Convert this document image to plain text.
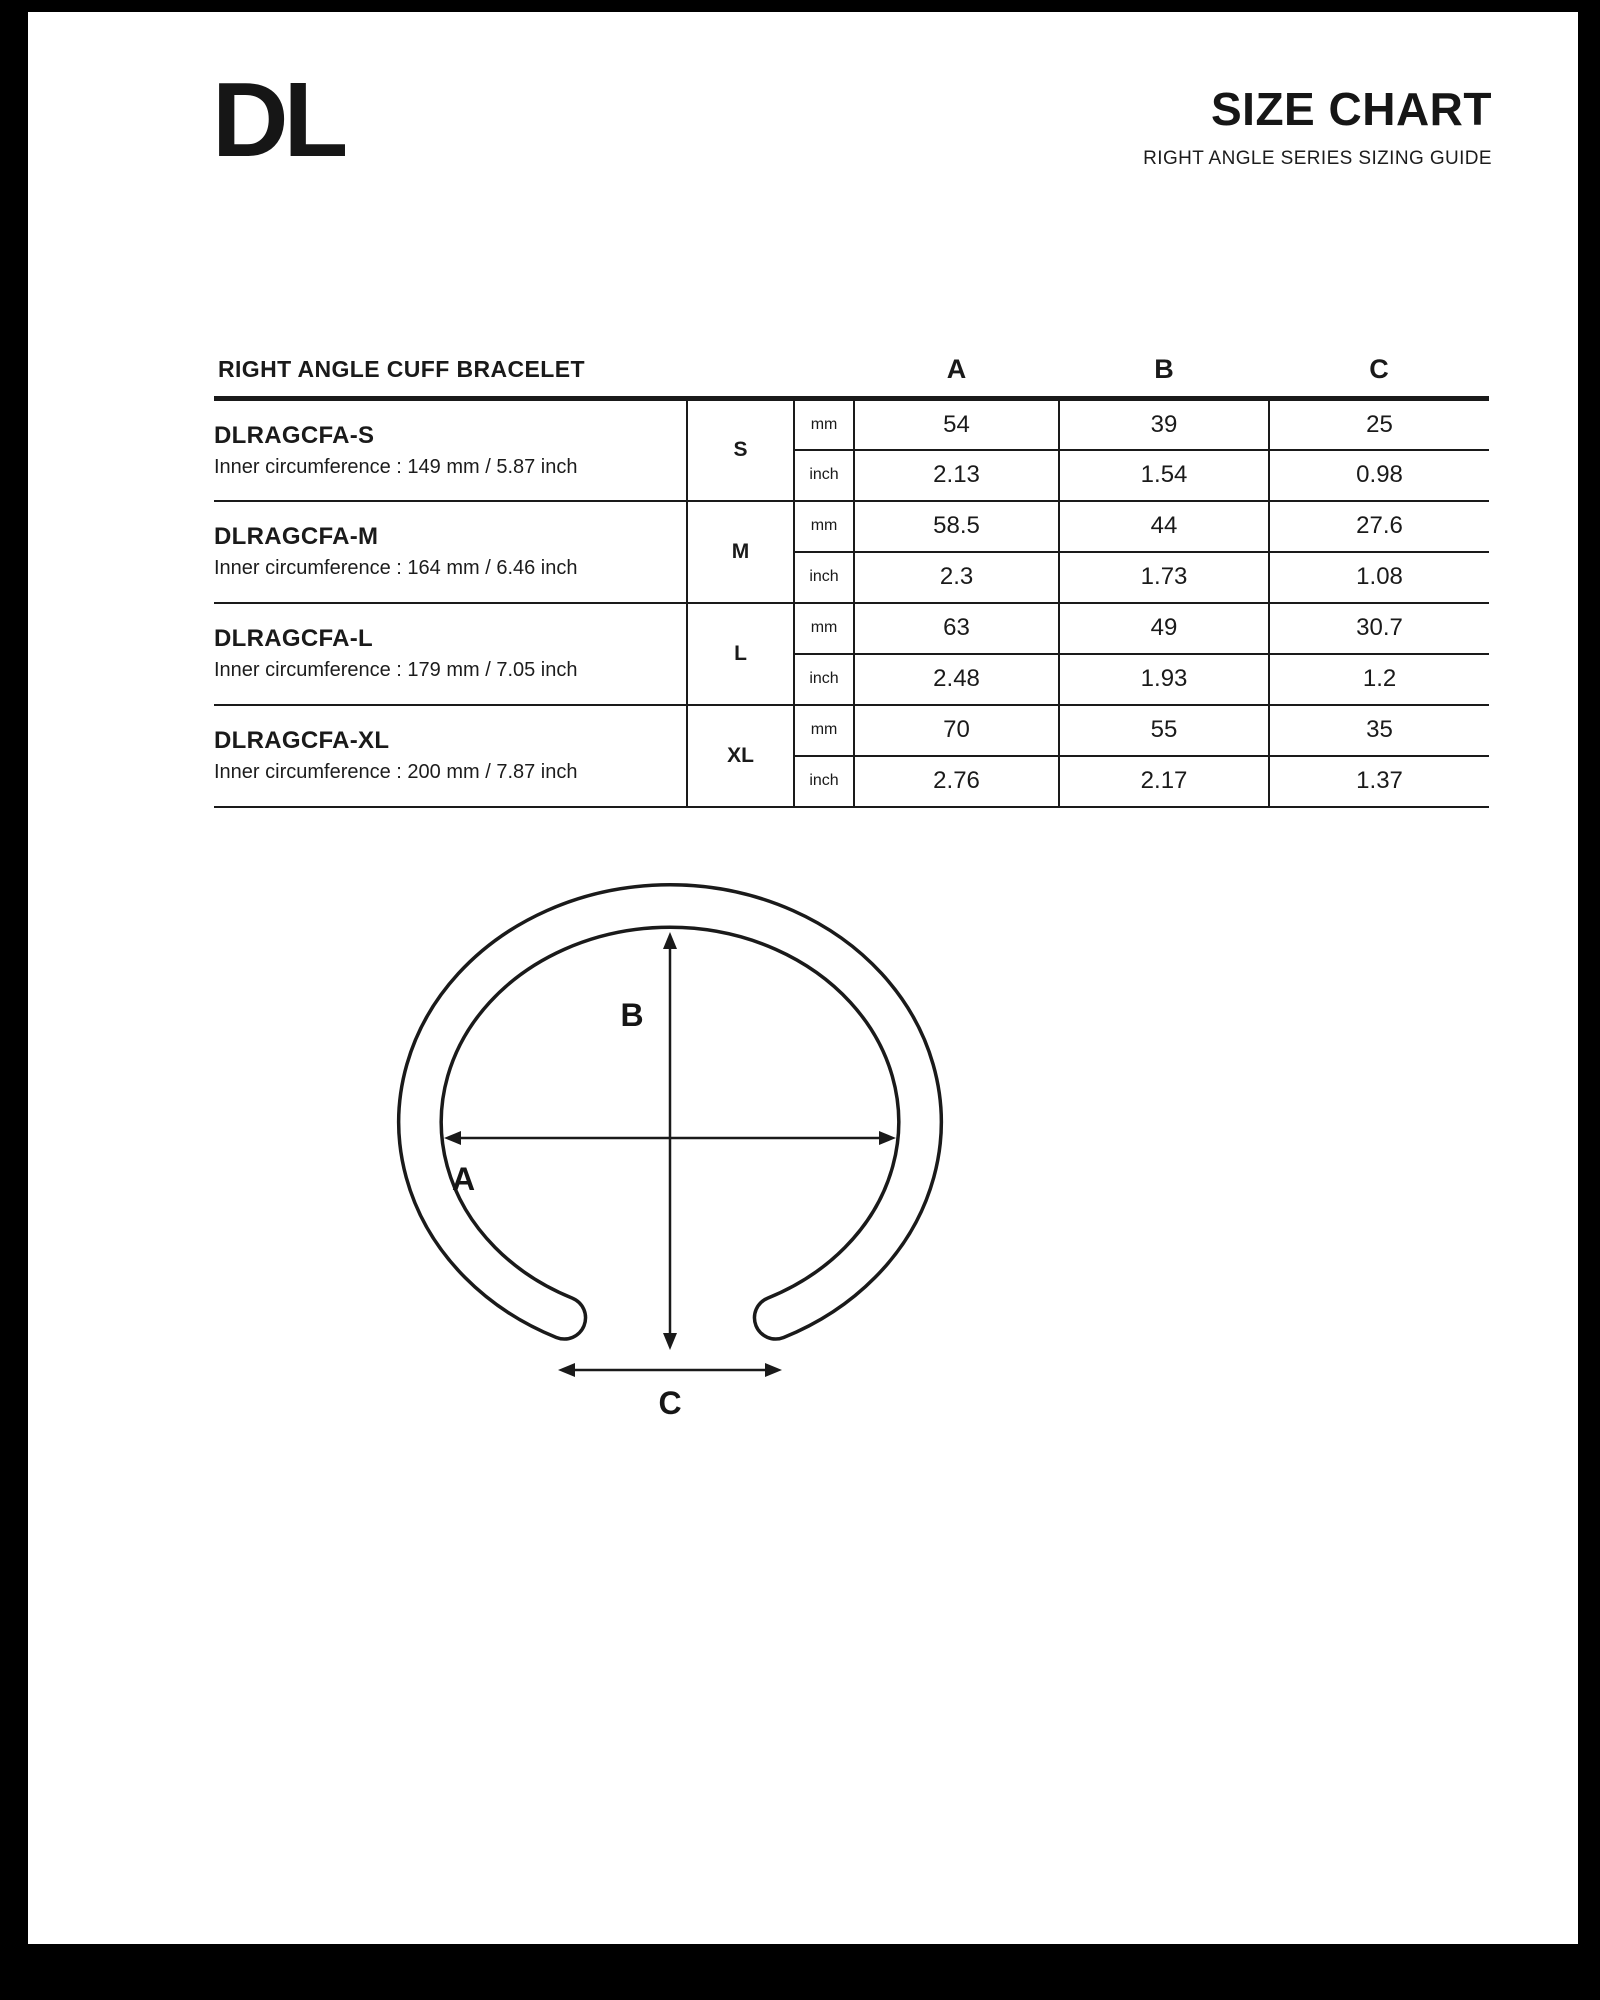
DL	SIZE CHART
RIGHT ANGLE SERIES SIZING GUIDE
RIGHT ANGLE CUFF BRACELET			A	B	C

DLRAGCFA-S
Inner circumference : 149 mm / 5.87 inch	S	mm	54	39	25
		inch	2.13	1.54	0.98

DLRAGCFA-M
Inner circumference : 164 mm / 6.46 inch	M	mm	58.5	44	27.6
		inch	2.3	1.73	1.08

DLRAGCFA-L
Inner circumference : 179 mm / 7.05 inch	L	mm	63	49	30.7
		inch	2.48	1.93	1.2

DLRAGCFA-XL
Inner circumference : 200 mm / 7.87 inch	XL	mm	70	55	35
		inch	2.76	2.17	1.37
A
B
C
